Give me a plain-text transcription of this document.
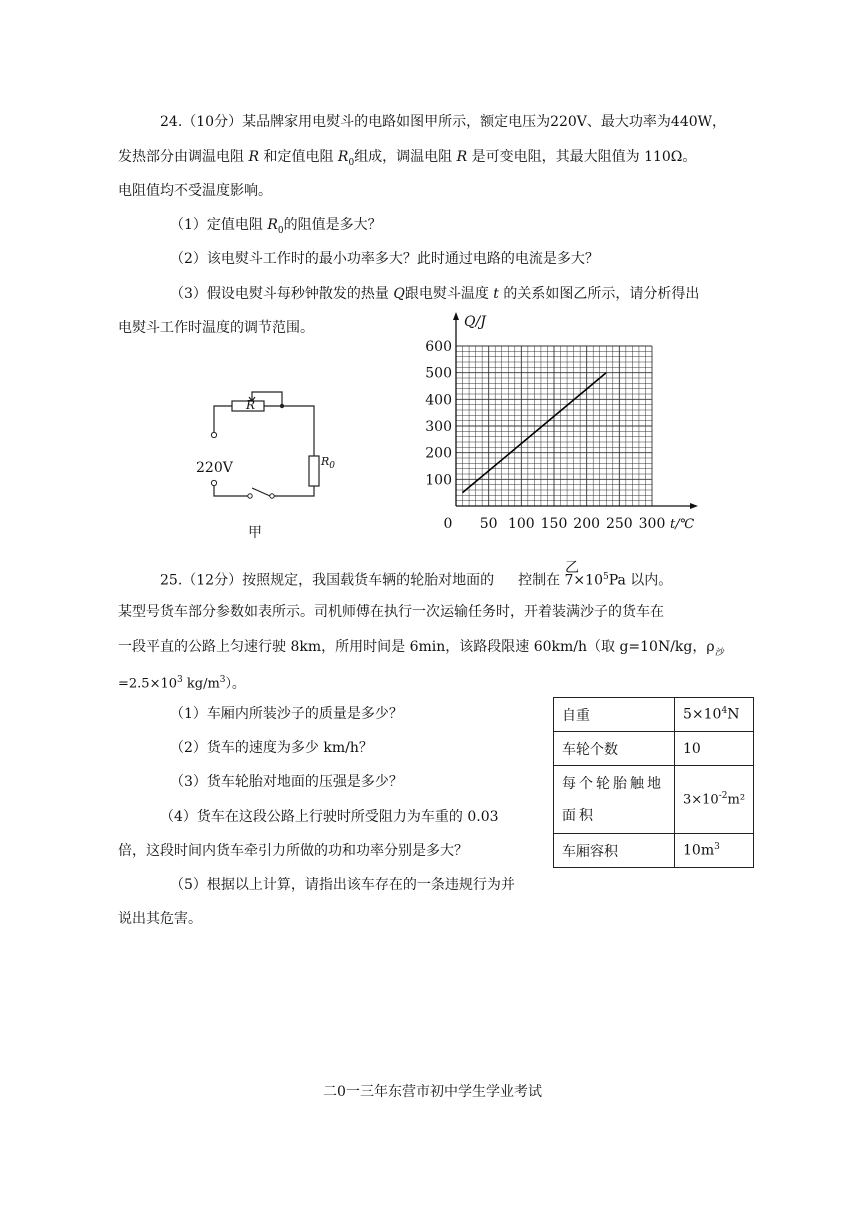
24.（10分）某品牌家用电熨斗的电路如图甲所示，额定电压为220V、最大功率为440W，
发热部分由调温电阻 R 和定值电阻 $R_0$组成，调温电阻 R 是可变电阻，其最大阻值为 110Ω。
电阻值均不受温度影响。
（1）定值电阻 $R_0$的阻值是多大？
（2）该电熨斗工作时的最小功率多大？此时通过电路的电流是多大？
（3）假设电熨斗每秒钟散发的热量 Q跟电熨斗温度 t 的关系如图乙所示，请分析得出
电熨斗工作时温度的调节范围。
R
$R_0$
220V
甲
0 50 100 150 200 250 300
100
200
300
400
500
600
Q/J
t/℃
乙
25.（12分）按照规定，我国载货车辆的轮胎对地面的 控制在 $7\times 10^5Pa$ 以内。
某型号货车部分参数如表所示。司机师傅在执行一次运输任务时，开着装满沙子的货车在
一段平直的公路上匀速行驶 8km，所用时间是 6min，该路段限速 60km/h（取 g=10N/kg，$\rho_沙$
$=2.5\times 10^3$ $kg/m^3$）。
（1）车厢内所装沙子的质量是多少？
（2）货车的速度为多少 km/h？
（3）货车轮胎对地面的压强是多少？
（4）货车在这段公路上行驶时所受阻力为车重的 0.03
倍，这段时间内货车牵引力所做的功和功率分别是多大？
（5）根据以上计算，请指出该车存在的一条违规行为并
说出其危害。
自重	$5\times 10^4N$
车轮个数	10
每个轮胎触地面积	$3\times 10^{-2}m^2$
车厢容积	$10m^3$
二0一三年东营市初中学生学业考试
